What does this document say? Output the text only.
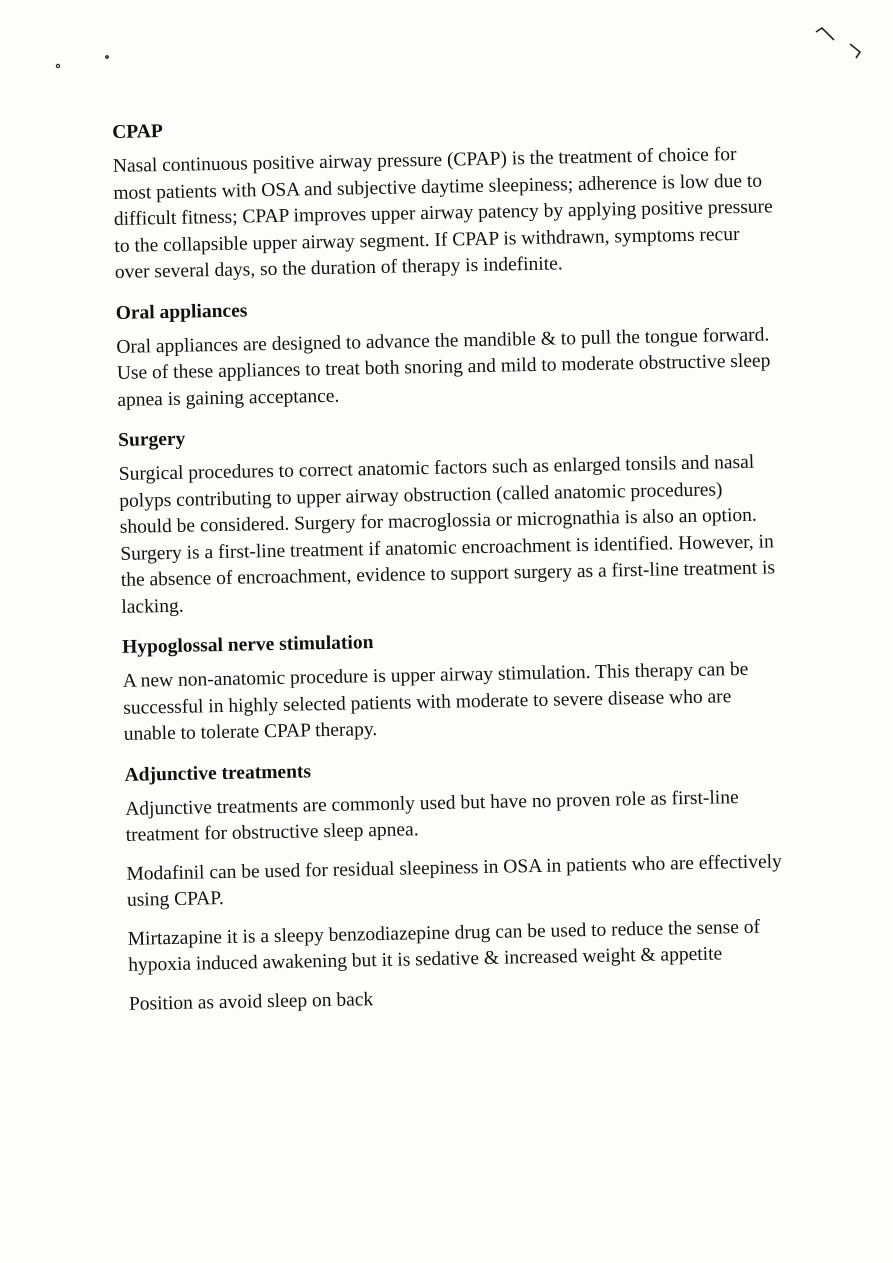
CPAP

Nasal continuous positive airway pressure (CPAP) is the treatment of choice for most patients with OSA and subjective daytime sleepiness; adherence is low due to difficult fitness; CPAP improves upper airway patency by applying positive pressure to the collapsible upper airway segment. If CPAP is withdrawn, symptoms recur over several days, so the duration of therapy is indefinite.

Oral appliances

Oral appliances are designed to advance the mandible & to pull the tongue forward. Use of these appliances to treat both snoring and mild to moderate obstructive sleep apnea is gaining acceptance.

Surgery

Surgical procedures to correct anatomic factors such as enlarged tonsils and nasal polyps contributing to upper airway obstruction (called anatomic procedures) should be considered. Surgery for macroglossia or micrognathia is also an option. Surgery is a first-line treatment if anatomic encroachment is identified. However, in the absence of encroachment, evidence to support surgery as a first-line treatment is lacking.

Hypoglossal nerve stimulation

A new non-anatomic procedure is upper airway stimulation. This therapy can be successful in highly selected patients with moderate to severe disease who are unable to tolerate CPAP therapy.

Adjunctive treatments

Adjunctive treatments are commonly used but have no proven role as first-line treatment for obstructive sleep apnea.

Modafinil can be used for residual sleepiness in OSA in patients who are effectively using CPAP.

Mirtazapine it is a sleepy benzodiazepine drug can be used to reduce the sense of hypoxia induced awakening but it is sedative & increased weight & appetite

Position as avoid sleep on back
